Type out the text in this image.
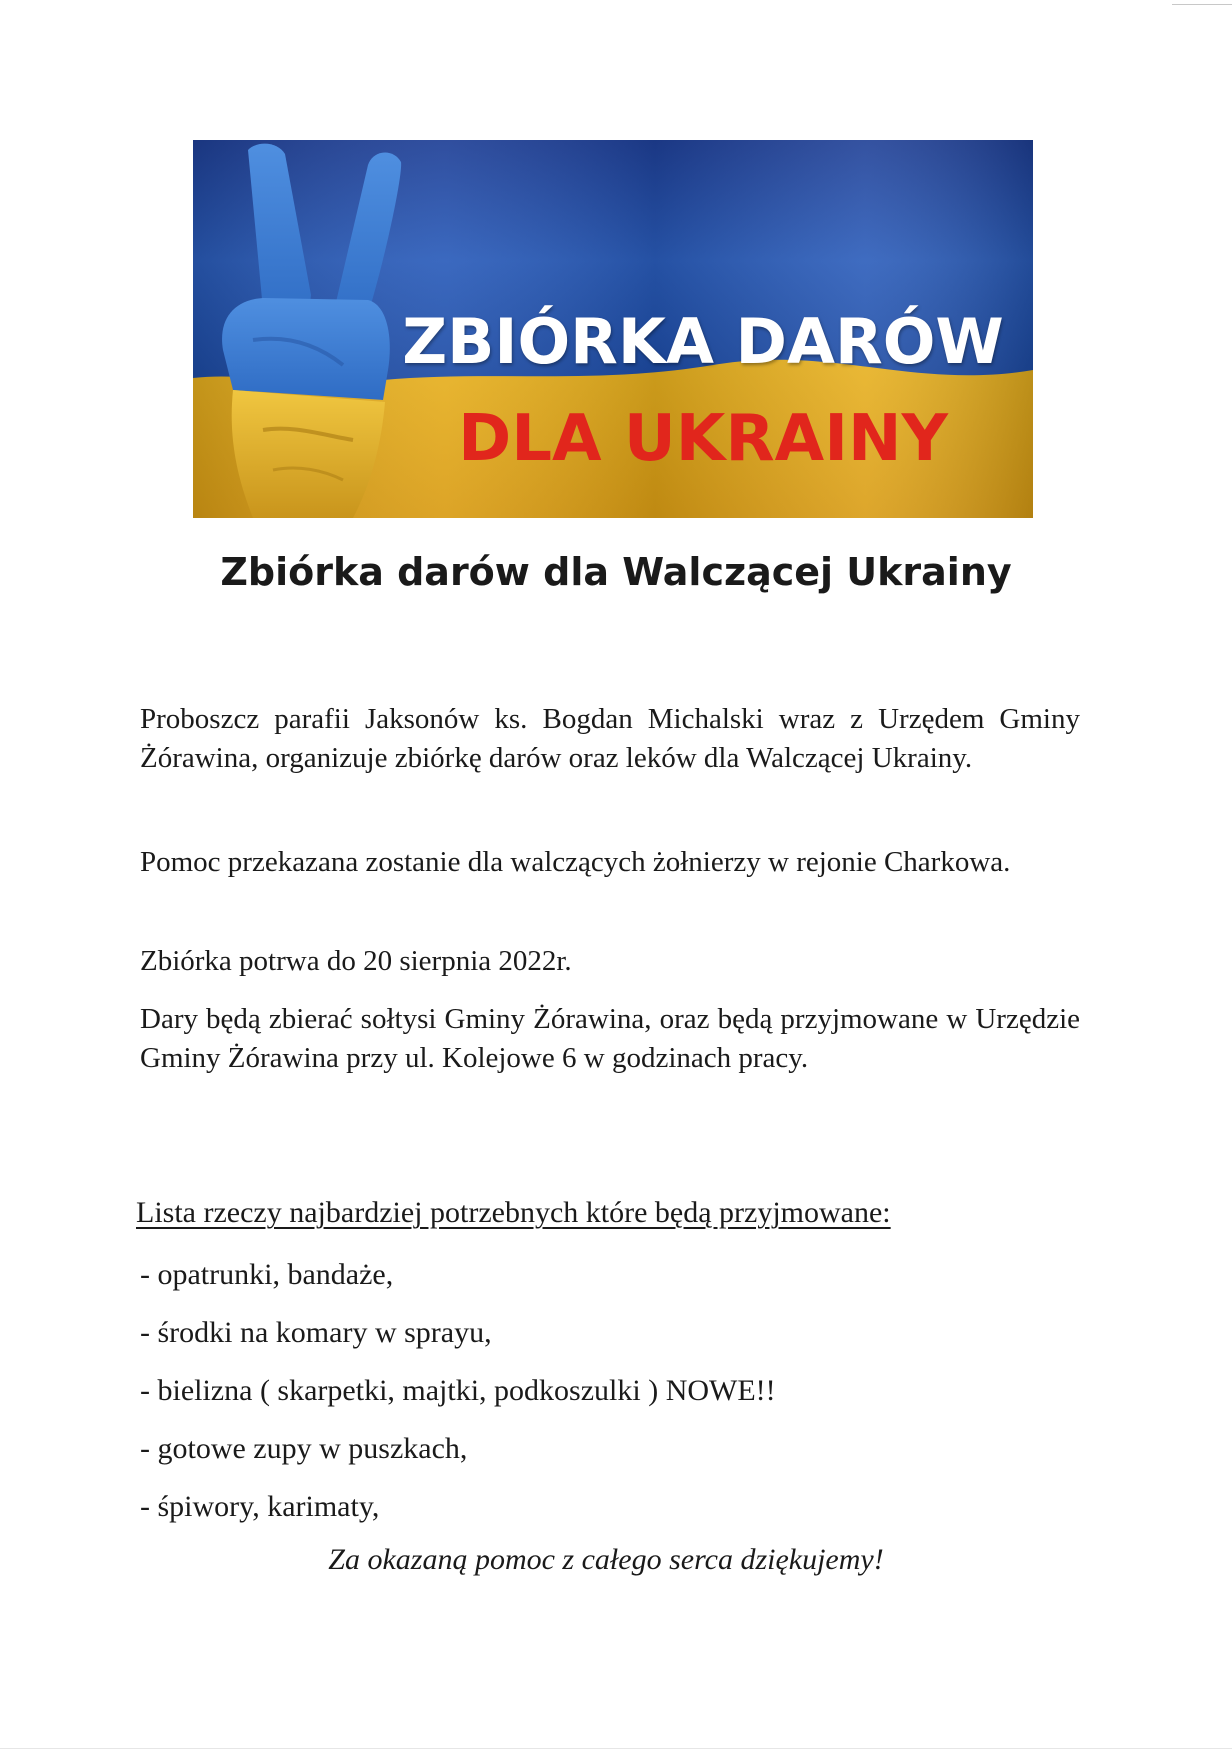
ZBIÓRKA DARÓW
DLA UKRAINY
Zbiórka darów dla Walczącej Ukrainy

Proboszcz parafii Jaksonów ks. Bogdan Michalski wraz z Urzędem Gminy Żórawina, organizuje zbiórkę darów oraz leków dla Walczącej Ukrainy.

Pomoc przekazana zostanie dla walczących żołnierzy w rejonie Charkowa.

Zbiórka potrwa do 20 sierpnia 2022r.

Dary będą zbierać sołtysi Gminy Żórawina, oraz będą przyjmowane w Urzędzie Gminy Żórawina przy ul. Kolejowe 6 w godzinach pracy.

Lista rzeczy najbardziej potrzebnych które będą przyjmowane:
- opatrunki, bandaże,
- środki na komary w sprayu,
- bielizna ( skarpetki, majtki, podkoszulki ) NOWE!!
- gotowe zupy w puszkach,
- śpiwory, karimaty,
Za okazaną pomoc z całego serca dziękujemy!
